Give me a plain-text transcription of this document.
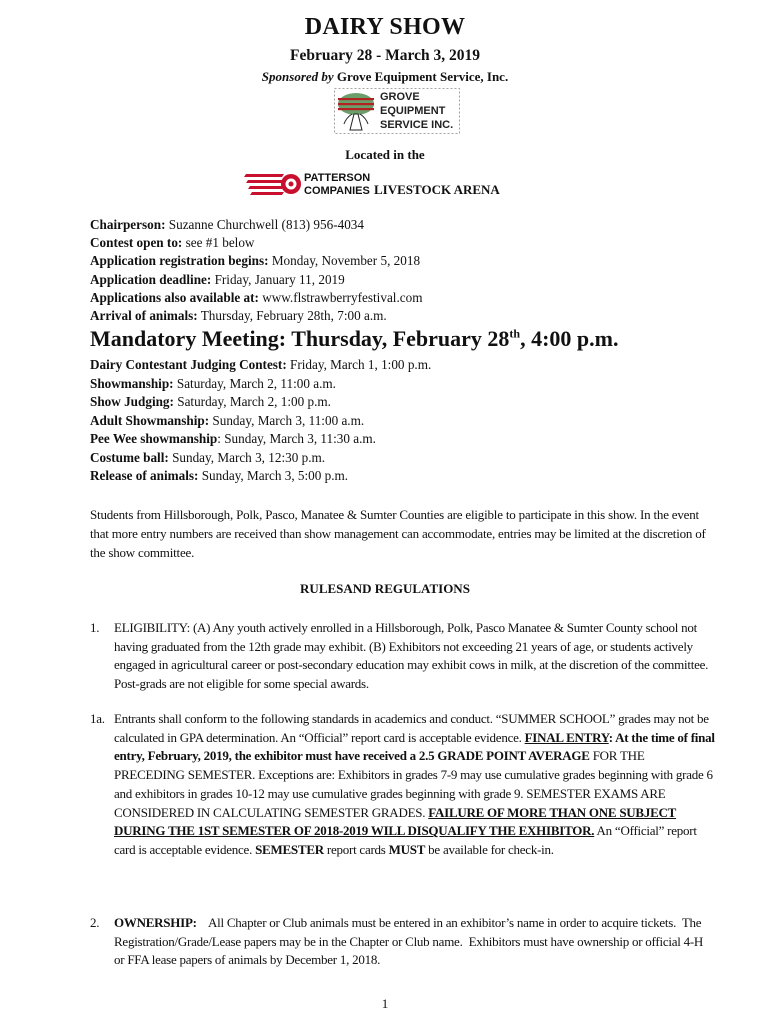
DAIRY SHOW
February 28 - March 3, 2019
Sponsored by Grove Equipment Service, Inc.
GROVE
EQUIPMENT
SERVICE INC.
Located in the
PATTERSON
COMPANIES LIVESTOCK ARENA
Chairperson: Suzanne Churchwell (813) 956-4034
Contest open to: see #1 below
Application registration begins: Monday, November 5, 2018
Application deadline: Friday, January 11, 2019
Applications also available at: www.flstrawberryfestival.com
Arrival of animals: Thursday, February 28th, 7:00 a.m.
Mandatory Meeting: Thursday, February 28th, 4:00 p.m.
Dairy Contestant Judging Contest: Friday, March 1, 1:00 p.m.
Showmanship: Saturday, March 2, 11:00 a.m.
Show Judging: Saturday, March 2, 1:00 p.m.
Adult Showmanship: Sunday, March 3, 11:00 a.m.
Pee Wee showmanship: Sunday, March 3, 11:30 a.m.
Costume ball: Sunday, March 3, 12:30 p.m.
Release of animals: Sunday, March 3, 5:00 p.m.
Students from Hillsborough, Polk, Pasco, Manatee & Sumter Counties are eligible to participate in this show. In the event that more entry numbers are received than show management can accommodate, entries may be limited at the discretion of the show committee.
RULESAND REGULATIONS
1. ELIGIBILITY: (A) Any youth actively enrolled in a Hillsborough, Polk, Pasco Manatee & Sumter County school not having graduated from the 12th grade may exhibit. (B) Exhibitors not exceeding 21 years of age, or students actively engaged in agricultural career or post-secondary education may exhibit cows in milk, at the discretion of the committee. Post-grads are not eligible for some special awards.
1a. Entrants shall conform to the following standards in academics and conduct. “SUMMER SCHOOL” grades may not be calculated in GPA determination. An “Official” report card is acceptable evidence. FINAL ENTRY: At the time of final entry, February, 2019, the exhibitor must have received a 2.5 GRADE POINT AVERAGE FOR THE PRECEDING SEMESTER. Exceptions are: Exhibitors in grades 7-9 may use cumulative grades beginning with grade 6 and exhibitors in grades 10-12 may use cumulative grades beginning with grade 9. SEMESTER EXAMS ARE CONSIDERED IN CALCULATING SEMESTER GRADES. FAILURE OF MORE THAN ONE SUBJECT DURING THE 1ST SEMESTER OF 2018-2019 WILL DISQUALIFY THE EXHIBITOR. An “Official” report card is acceptable evidence. SEMESTER report cards MUST be available for check-in.
2. OWNERSHIP:    All Chapter or Club animals must be entered in an exhibitor’s name in order to acquire tickets.  The Registration/Grade/Lease papers may be in the Chapter or Club name.  Exhibitors must have ownership or official 4-H or FFA lease papers of animals by December 1, 2018.
1
